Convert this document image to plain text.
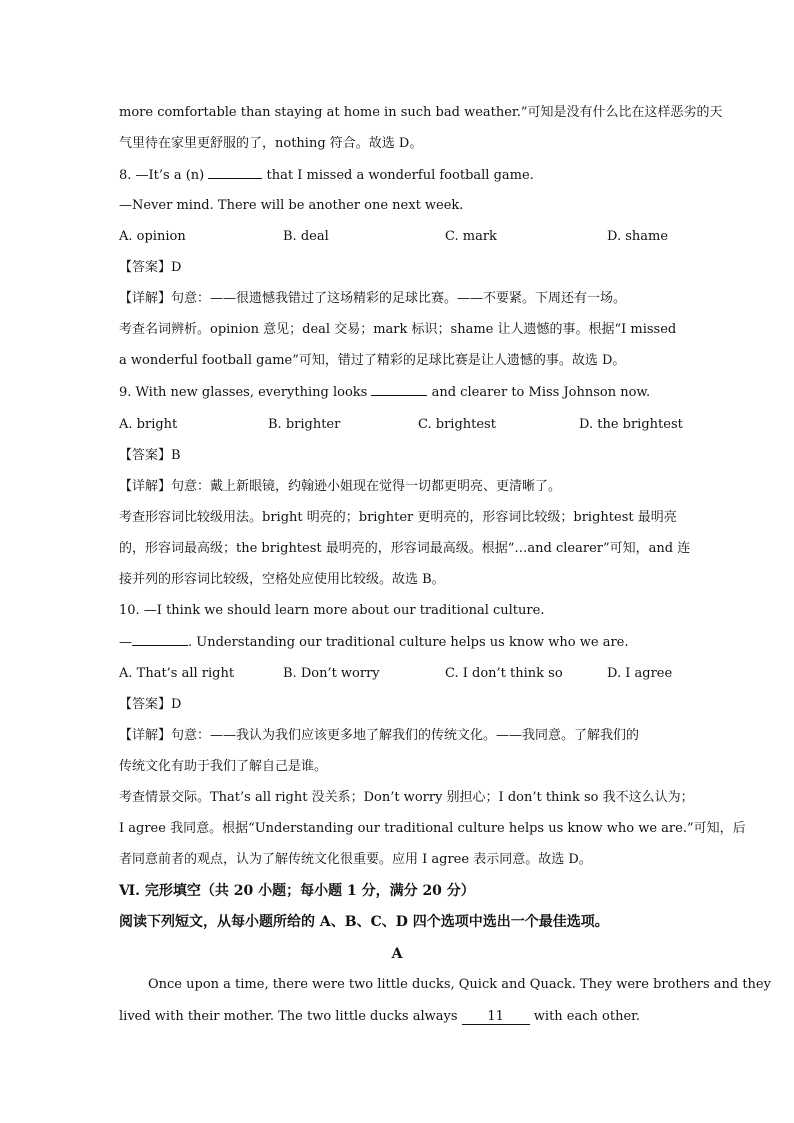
more comfortable than staying at home in such bad weather.”可知是没有什么比在这样恶劣的天
气里待在家里更舒服的了，nothing 符合。故选 D。
8. —It’s a (n)	that I missed a wonderful football game.
—Never mind. There will be another one next week.
A. opinion	B. deal	C. mark	D. shame
【答案】D
【详解】句意：——很遗憾我错过了这场精彩的足球比赛。——不要紧。下周还有一场。
考查名词辨析。opinion 意见；deal 交易；mark 标识；shame 让人遗憾的事。根据“I missed
a wonderful football game”可知，错过了精彩的足球比赛是让人遗憾的事。故选 D。
9. With new glasses, everything looks	and clearer to Miss Johnson now.
A. bright	B. brighter	C. brightest	D. the brightest
【答案】B
【详解】句意：戴上新眼镜，约翰逊小姐现在觉得一切都更明亮、更清晰了。
考查形容词比较级用法。bright 明亮的；brighter 更明亮的，形容词比较级；brightest 最明亮
的，形容词最高级；the brightest 最明亮的，形容词最高级。根据“…and clearer”可知，and 连
接并列的形容词比较级，空格处应使用比较级。故选 B。
10. —I think we should learn more about our traditional culture.
—	. Understanding our traditional culture helps us know who we are.
A. That’s all right	B. Don’t worry	C. I don’t think so	D. I agree
【答案】D
【详解】句意：——我认为我们应该更多地了解我们的传统文化。——我同意。了解我们的
传统文化有助于我们了解自己是谁。
考查情景交际。That’s all right 没关系；Don’t worry 别担心；I don’t think so 我不这么认为；
I agree 我同意。根据“Understanding our traditional culture helps us know who we are.”可知，后
者同意前者的观点，认为了解传统文化很重要。应用 I agree 表示同意。故选 D。
Ⅵ. 完形填空（共 20 小题；每小题 1 分，满分 20 分）
阅读下列短文，从每小题所给的 A、B、C、D 四个选项中选出一个最佳选项。
A
Once upon a time, there were two little ducks, Quick and Quack. They were brothers and they
lived with their mother. The two little ducks always 11 with each other.
